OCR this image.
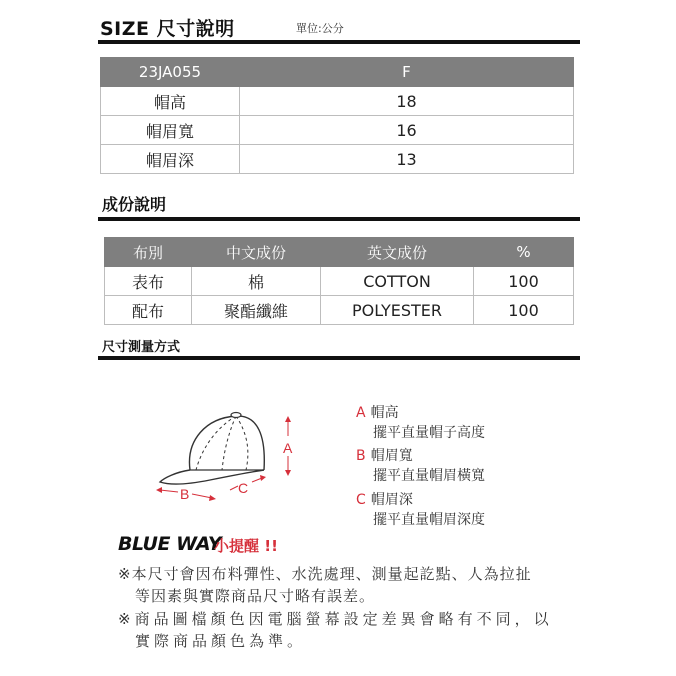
SIZE 尺寸說明	單位:公分
23JA055	F
帽高	18
帽眉寬	16
帽眉深	13
成份說明
布別	中文成份	英文成份	%
表布	棉	COTTON	100
配布	聚酯纖維	POLYESTER	100
尺寸測量方式
A
B	C
A 帽高
擺平直量帽子高度
B 帽眉寬
擺平直量帽眉橫寬
C 帽眉深
擺平直量帽眉深度
BLUE WAY
小提醒 !!
※本尺寸會因布料彈性、水洗處理、測量起訖點、人為拉扯
等因素與實際商品尺寸略有誤差。
※商品圖檔顏色因電腦螢幕設定差異會略有不同，以
實際商品顏色為準。
